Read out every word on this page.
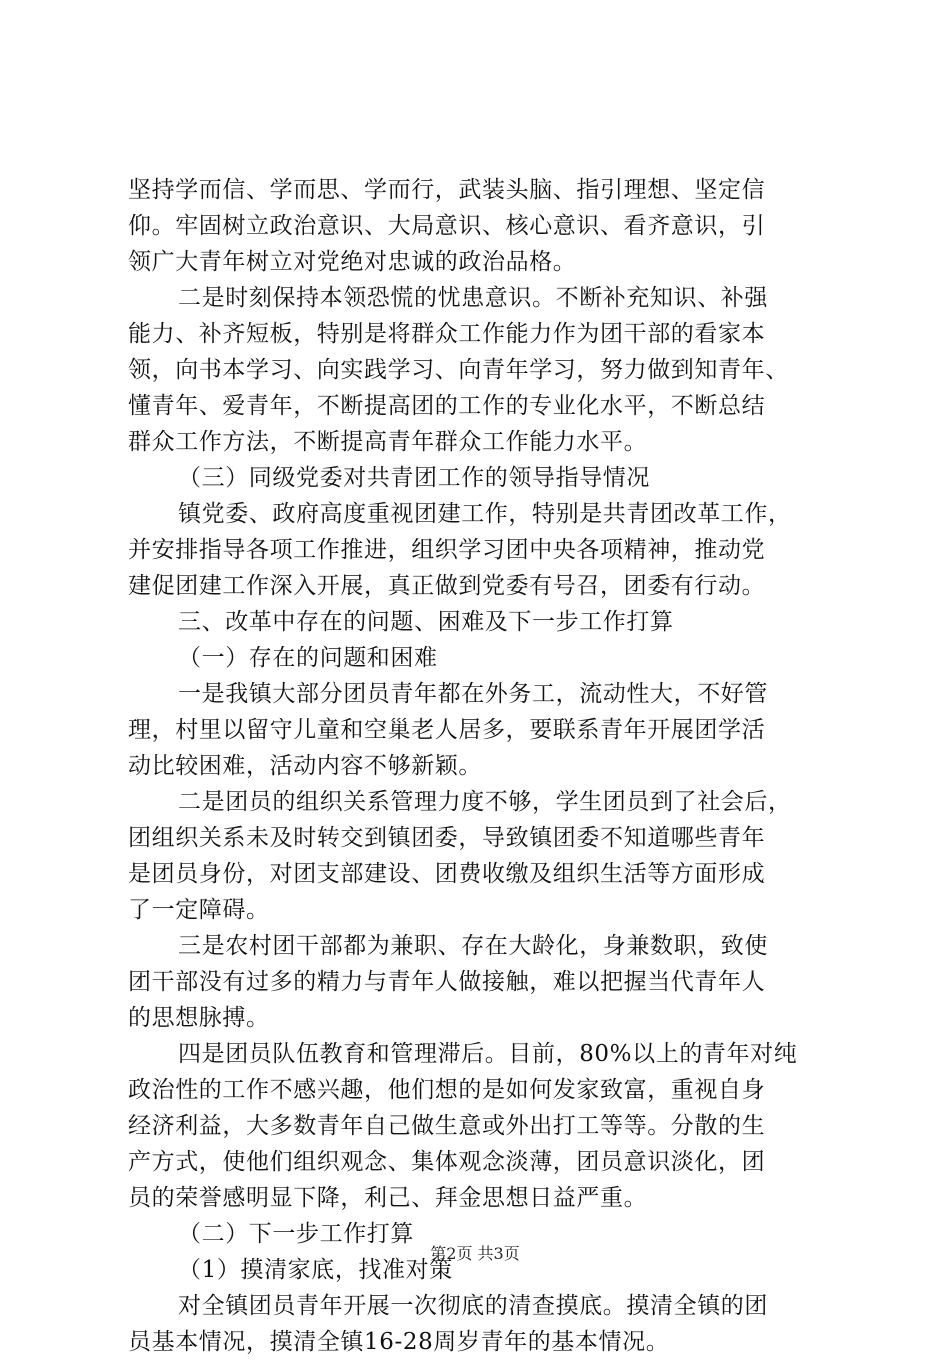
坚持学而信、学而思、学而行，武装头脑、指引理想、坚定信
仰。牢固树立政治意识、大局意识、核心意识、看齐意识，引
领广大青年树立对党绝对忠诚的政治品格。
二是时刻保持本领恐慌的忧患意识。不断补充知识、补强
能力、补齐短板，特别是将群众工作能力作为团干部的看家本
领，向书本学习、向实践学习、向青年学习，努力做到知青年、
懂青年、爱青年，不断提高团的工作的专业化水平，不断总结
群众工作方法，不断提高青年群众工作能力水平。
（三）同级党委对共青团工作的领导指导情况
镇党委、政府高度重视团建工作，特别是共青团改革工作，
并安排指导各项工作推进，组织学习团中央各项精神，推动党
建促团建工作深入开展，真正做到党委有号召，团委有行动。
三、改革中存在的问题、困难及下一步工作打算
（一）存在的问题和困难
一是我镇大部分团员青年都在外务工，流动性大，不好管
理，村里以留守儿童和空巢老人居多，要联系青年开展团学活
动比较困难，活动内容不够新颖。
二是团员的组织关系管理力度不够，学生团员到了社会后，
团组织关系未及时转交到镇团委，导致镇团委不知道哪些青年
是团员身份，对团支部建设、团费收缴及组织生活等方面形成
了一定障碍。
三是农村团干部都为兼职、存在大龄化，身兼数职，致使
团干部没有过多的精力与青年人做接触，难以把握当代青年人
的思想脉搏。
四是团员队伍教育和管理滞后。目前，80%以上的青年对纯
政治性的工作不感兴趣，他们想的是如何发家致富，重视自身
经济利益，大多数青年自己做生意或外出打工等等。分散的生
产方式，使他们组织观念、集体观念淡薄，团员意识淡化，团
员的荣誉感明显下降，利己、拜金思想日益严重。
（二）下一步工作打算
（1）摸清家底，找准对策
对全镇团员青年开展一次彻底的清查摸底。摸清全镇的团
员基本情况，摸清全镇16-28周岁青年的基本情况。
第2页 共3页
